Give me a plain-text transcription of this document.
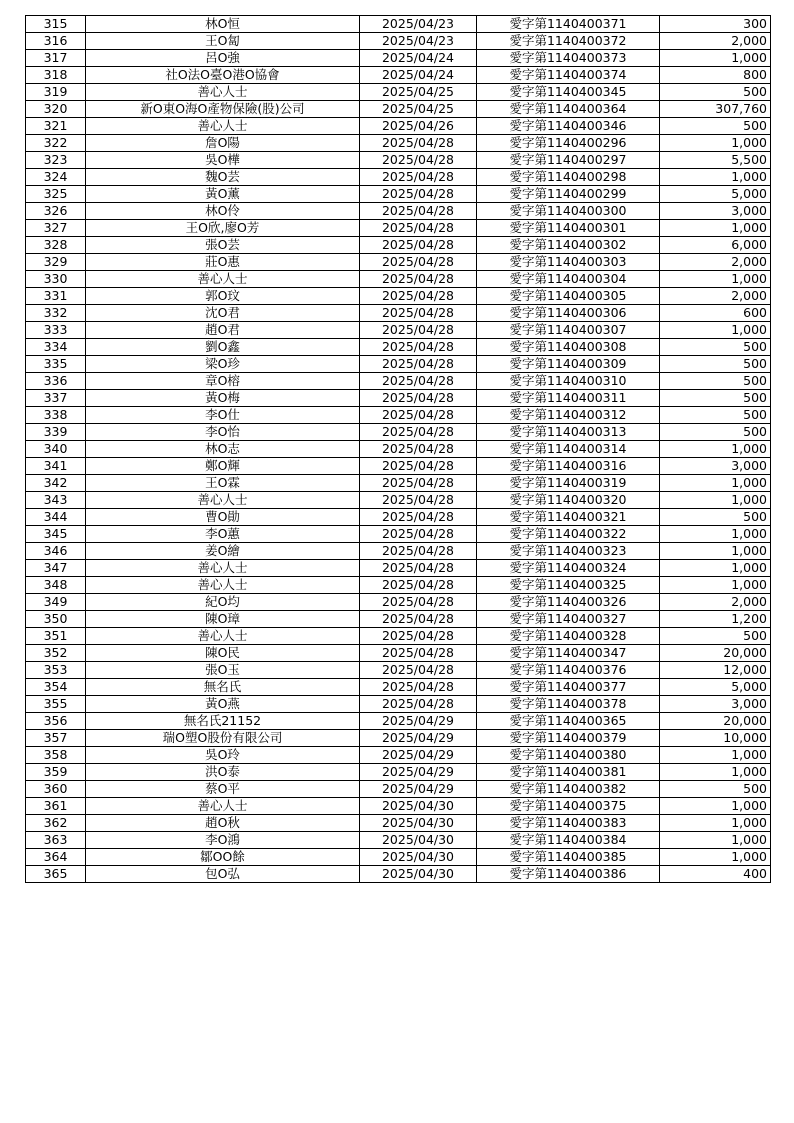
315	林O恒	2025/04/23	愛字第1140400371	300
316	王O匐	2025/04/23	愛字第1140400372	2,000
317	呂O強	2025/04/24	愛字第1140400373	1,000
318	社O法O臺O港O協會	2025/04/24	愛字第1140400374	800
319	善心人士	2025/04/25	愛字第1140400345	500
320	新O東O海O產物保險(股)公司	2025/04/25	愛字第1140400364	307,760
321	善心人士	2025/04/26	愛字第1140400346	500
322	詹O陽	2025/04/28	愛字第1140400296	1,000
323	吳O樺	2025/04/28	愛字第1140400297	5,500
324	魏O芸	2025/04/28	愛字第1140400298	1,000
325	黃O薰	2025/04/28	愛字第1140400299	5,000
326	林O伶	2025/04/28	愛字第1140400300	3,000
327	王O欣,廖O芳	2025/04/28	愛字第1140400301	1,000
328	張O芸	2025/04/28	愛字第1140400302	6,000
329	莊O惠	2025/04/28	愛字第1140400303	2,000
330	善心人士	2025/04/28	愛字第1140400304	1,000
331	郭O玟	2025/04/28	愛字第1140400305	2,000
332	沈O君	2025/04/28	愛字第1140400306	600
333	趙O君	2025/04/28	愛字第1140400307	1,000
334	劉O鑫	2025/04/28	愛字第1140400308	500
335	梁O珍	2025/04/28	愛字第1140400309	500
336	章O榕	2025/04/28	愛字第1140400310	500
337	黃O梅	2025/04/28	愛字第1140400311	500
338	李O仕	2025/04/28	愛字第1140400312	500
339	李O怡	2025/04/28	愛字第1140400313	500
340	林O志	2025/04/28	愛字第1140400314	1,000
341	鄭O輝	2025/04/28	愛字第1140400316	3,000
342	王O霖	2025/04/28	愛字第1140400319	1,000
343	善心人士	2025/04/28	愛字第1140400320	1,000
344	曹O勛	2025/04/28	愛字第1140400321	500
345	李O蕙	2025/04/28	愛字第1140400322	1,000
346	姜O繪	2025/04/28	愛字第1140400323	1,000
347	善心人士	2025/04/28	愛字第1140400324	1,000
348	善心人士	2025/04/28	愛字第1140400325	1,000
349	紀O均	2025/04/28	愛字第1140400326	2,000
350	陳O璋	2025/04/28	愛字第1140400327	1,200
351	善心人士	2025/04/28	愛字第1140400328	500
352	陳O民	2025/04/28	愛字第1140400347	20,000
353	張O玉	2025/04/28	愛字第1140400376	12,000
354	無名氏	2025/04/28	愛字第1140400377	5,000
355	黃O燕	2025/04/28	愛字第1140400378	3,000
356	無名氏21152	2025/04/29	愛字第1140400365	20,000
357	瑞O塑O股份有限公司	2025/04/29	愛字第1140400379	10,000
358	吳O玲	2025/04/29	愛字第1140400380	1,000
359	洪O泰	2025/04/29	愛字第1140400381	1,000
360	蔡O平	2025/04/29	愛字第1140400382	500
361	善心人士	2025/04/30	愛字第1140400375	1,000
362	趙O秋	2025/04/30	愛字第1140400383	1,000
363	李O鴻	2025/04/30	愛字第1140400384	1,000
364	鄒OO餘	2025/04/30	愛字第1140400385	1,000
365	包O弘	2025/04/30	愛字第1140400386	400
